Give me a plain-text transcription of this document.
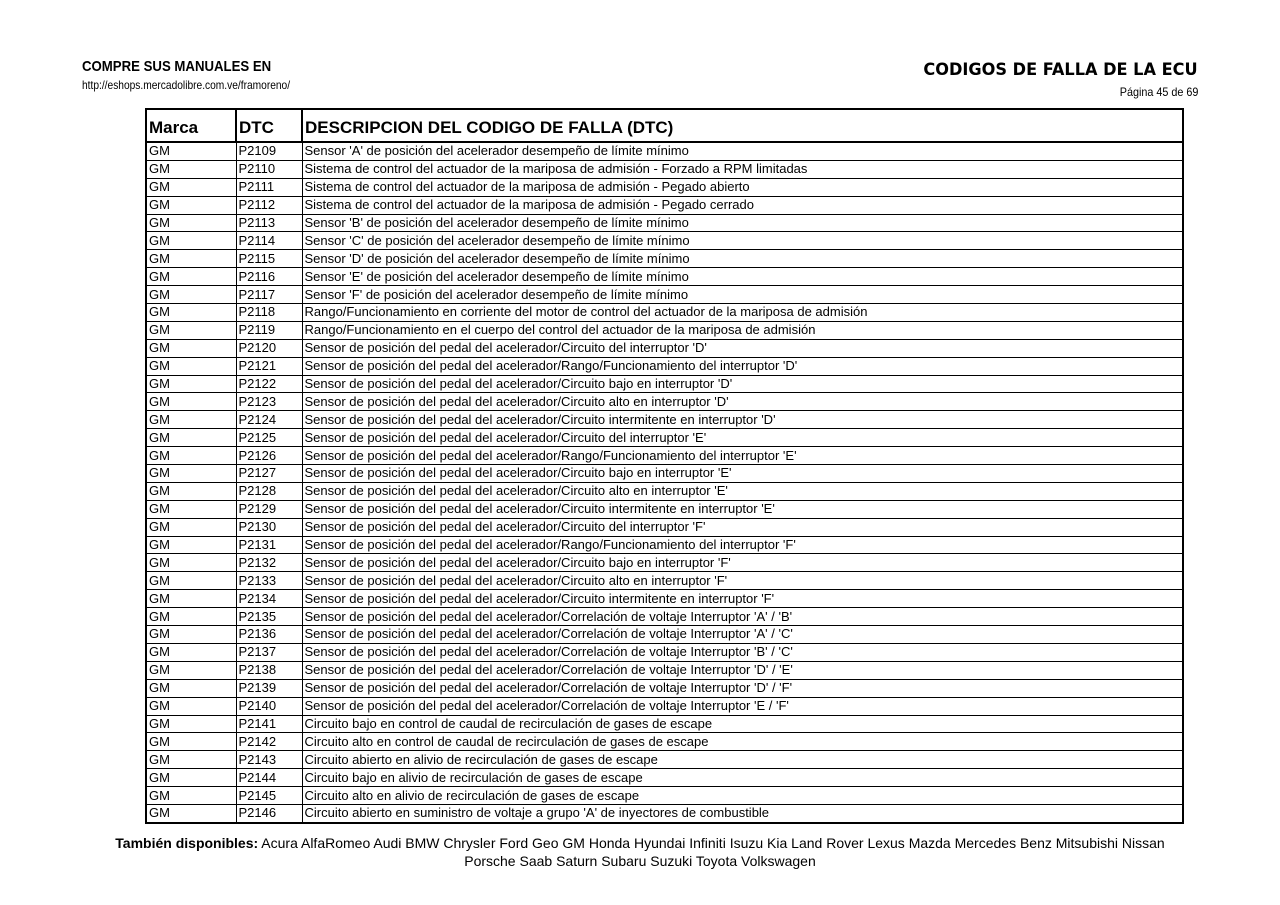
COMPRE SUS MANUALES EN
http://eshops.mercadolibre.com.ve/framoreno/
CODIGOS DE FALLA DE LA ECU
Página 45 de 69
Marca	DTC	DESCRIPCION DEL CODIGO DE FALLA (DTC)
GM	P2109	Sensor 'A' de posición del acelerador desempeño de límite mínimo
GM	P2110	Sistema de control del actuador de la mariposa de admisión - Forzado a RPM limitadas
GM	P2111	Sistema de control del actuador de la mariposa de admisión - Pegado abierto
GM	P2112	Sistema de control del actuador de la mariposa de admisión - Pegado cerrado
GM	P2113	Sensor 'B' de posición del acelerador desempeño de límite mínimo
GM	P2114	Sensor 'C' de posición del acelerador desempeño de límite mínimo
GM	P2115	Sensor 'D' de posición del acelerador desempeño de límite mínimo
GM	P2116	Sensor 'E' de posición del acelerador desempeño de límite mínimo
GM	P2117	Sensor 'F' de posición del acelerador desempeño de límite mínimo
GM	P2118	Rango/Funcionamiento en corriente del motor de control del actuador de la mariposa de admisión
GM	P2119	Rango/Funcionamiento en el cuerpo del control del actuador de la mariposa de admisión
GM	P2120	Sensor de posición del pedal del acelerador/Circuito del interruptor 'D'
GM	P2121	Sensor de posición del pedal del acelerador/Rango/Funcionamiento del interruptor 'D'
GM	P2122	Sensor de posición del pedal del acelerador/Circuito bajo en interruptor 'D'
GM	P2123	Sensor de posición del pedal del acelerador/Circuito alto en interruptor 'D'
GM	P2124	Sensor de posición del pedal del acelerador/Circuito intermitente en interruptor 'D'
GM	P2125	Sensor de posición del pedal del acelerador/Circuito del interruptor 'E'
GM	P2126	Sensor de posición del pedal del acelerador/Rango/Funcionamiento del interruptor 'E'
GM	P2127	Sensor de posición del pedal del acelerador/Circuito bajo en interruptor 'E'
GM	P2128	Sensor de posición del pedal del acelerador/Circuito alto en interruptor 'E'
GM	P2129	Sensor de posición del pedal del acelerador/Circuito intermitente en interruptor 'E'
GM	P2130	Sensor de posición del pedal del acelerador/Circuito del interruptor 'F'
GM	P2131	Sensor de posición del pedal del acelerador/Rango/Funcionamiento del interruptor 'F'
GM	P2132	Sensor de posición del pedal del acelerador/Circuito bajo en interruptor 'F'
GM	P2133	Sensor de posición del pedal del acelerador/Circuito alto en interruptor 'F'
GM	P2134	Sensor de posición del pedal del acelerador/Circuito intermitente en interruptor 'F'
GM	P2135	Sensor de posición del pedal del acelerador/Correlación de voltaje Interruptor 'A' / 'B'
GM	P2136	Sensor de posición del pedal del acelerador/Correlación de voltaje Interruptor 'A' / 'C'
GM	P2137	Sensor de posición del pedal del acelerador/Correlación de voltaje Interruptor 'B' / 'C'
GM	P2138	Sensor de posición del pedal del acelerador/Correlación de voltaje Interruptor 'D' / 'E'
GM	P2139	Sensor de posición del pedal del acelerador/Correlación de voltaje Interruptor 'D' / 'F'
GM	P2140	Sensor de posición del pedal del acelerador/Correlación de voltaje Interruptor 'E / 'F'
GM	P2141	Circuito bajo en control de caudal de recirculación de gases de escape
GM	P2142	Circuito alto en control de caudal de recirculación de gases de escape
GM	P2143	Circuito abierto en alivio de recirculación de gases de escape
GM	P2144	Circuito bajo en alivio de recirculación de gases de escape
GM	P2145	Circuito alto en alivio de recirculación de gases de escape
GM	P2146	Circuito abierto en suministro de voltaje a grupo 'A' de inyectores de combustible
También disponibles: Acura AlfaRomeo Audi BMW Chrysler Ford Geo GM Honda Hyundai Infiniti Isuzu Kia Land Rover Lexus Mazda Mercedes Benz Mitsubishi Nissan
Porsche Saab Saturn Subaru Suzuki Toyota Volkswagen
